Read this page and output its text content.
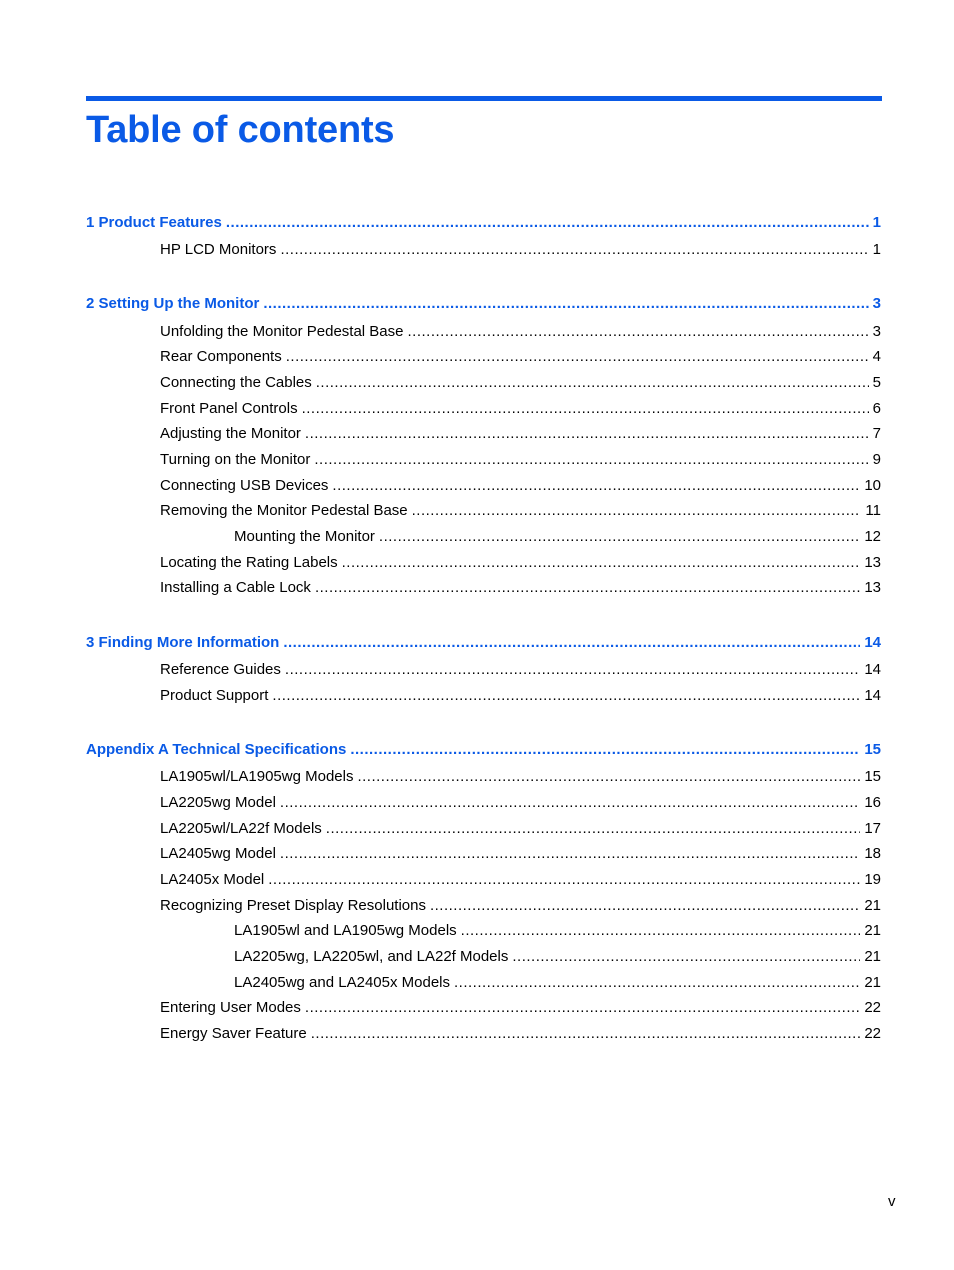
Table of contents
1 Product Features .....	1
HP LCD Monitors .....	1
2 Setting Up the Monitor .....	3
Unfolding the Monitor Pedestal Base .....	3
Rear Components .....	4
Connecting the Cables .....	5
Front Panel Controls .....	6
Adjusting the Monitor .....	7
Turning on the Monitor .....	9
Connecting USB Devices .....	10
Removing the Monitor Pedestal Base .....	11
Mounting the Monitor .....	12
Locating the Rating Labels .....	13
Installing a Cable Lock .....	13
3 Finding More Information .....	14
Reference Guides .....	14
Product Support .....	14
Appendix A Technical Specifications .....	15
LA1905wl/LA1905wg Models .....	15
LA2205wg Model .....	16
LA2205wl/LA22f Models .....	17
LA2405wg Model .....	18
LA2405x Model .....	19
Recognizing Preset Display Resolutions .....	21
LA1905wl and LA1905wg Models .....	21
LA2205wg, LA2205wl, and LA22f Models .....	21
LA2405wg and LA2405x Models .....	21
Entering User Modes .....	22
Energy Saver Feature .....	22
v
